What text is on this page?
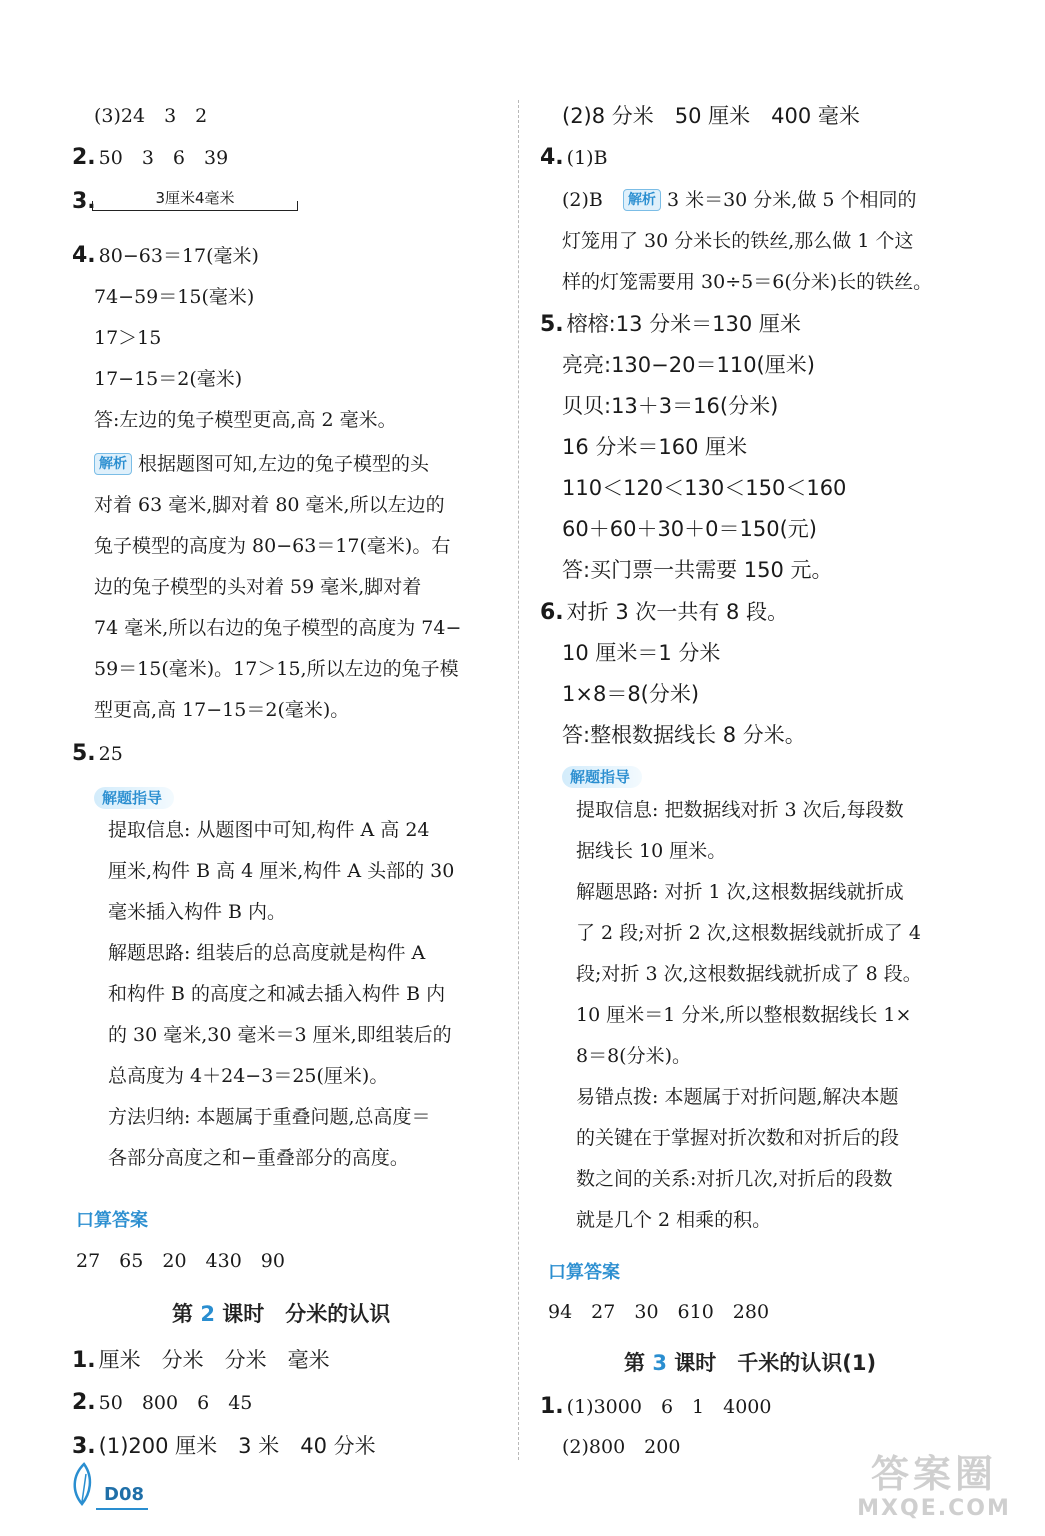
(3)24　3　2
2. 50　3　6　39
3.	3厘米4毫米
4. 80−63＝17(毫米)
74−59＝15(毫米)
17＞15
17−15＝2(毫米)
答:左边的兔子模型更高,高 2 毫米。
解析 根据题图可知,左边的兔子模型的头
对着 63 毫米,脚对着 80 毫米,所以左边的
兔子模型的高度为 80−63＝17(毫米)。右
边的兔子模型的头对着 59 毫米,脚对着
74 毫米,所以右边的兔子模型的高度为 74−
59＝15(毫米)。17＞15,所以左边的兔子模
型更高,高 17−15＝2(毫米)。
5. 25
解题指导
提取信息: 从题图中可知,构件 A 高 24
厘米,构件 B 高 4 厘米,构件 A 头部的 30
毫米插入构件 B 内。
解题思路: 组装后的总高度就是构件 A
和构件 B 的高度之和减去插入构件 B 内
的 30 毫米,30 毫米＝3 厘米,即组装后的
总高度为 4＋24−3＝25(厘米)。
方法归纳: 本题属于重叠问题,总高度＝
各部分高度之和−重叠部分的高度。
口算答案
27　65　20　430　90
第 2 课时　分米的认识
1. 厘米　分米　分米　毫米
2. 50　800　6　45
3. (1)200 厘米　3 米　40 分米
(2)8 分米　50 厘米　400 毫米
4. (1)B
(2)B 解析 3 米＝30 分米,做 5 个相同的
灯笼用了 30 分米长的铁丝,那么做 1 个这
样的灯笼需要用 30÷5＝6(分米)长的铁丝。
5. 榕榕:13 分米＝130 厘米
亮亮:130−20＝110(厘米)
贝贝:13＋3＝16(分米)
16 分米＝160 厘米
110＜120＜130＜150＜160
60＋60＋30＋0＝150(元)
答:买门票一共需要 150 元。
6. 对折 3 次一共有 8 段。
10 厘米＝1 分米
1×8＝8(分米)
答:整根数据线长 8 分米。
解题指导
提取信息: 把数据线对折 3 次后,每段数
据线长 10 厘米。
解题思路: 对折 1 次,这根数据线就折成
了 2 段;对折 2 次,这根数据线就折成了 4
段;对折 3 次,这根数据线就折成了 8 段。
10 厘米＝1 分米,所以整根数据线长 1×
8＝8(分米)。
易错点拨: 本题属于对折问题,解决本题
的关键在于掌握对折次数和对折后的段
数之间的关系:对折几次,对折后的段数
就是几个 2 相乘的积。
口算答案
94　27　30　610　280
第 3 课时　千米的认识(1)
1. (1)3000　6　1　4000
(2)800　200
D08	答案圈
MXQE.COM
